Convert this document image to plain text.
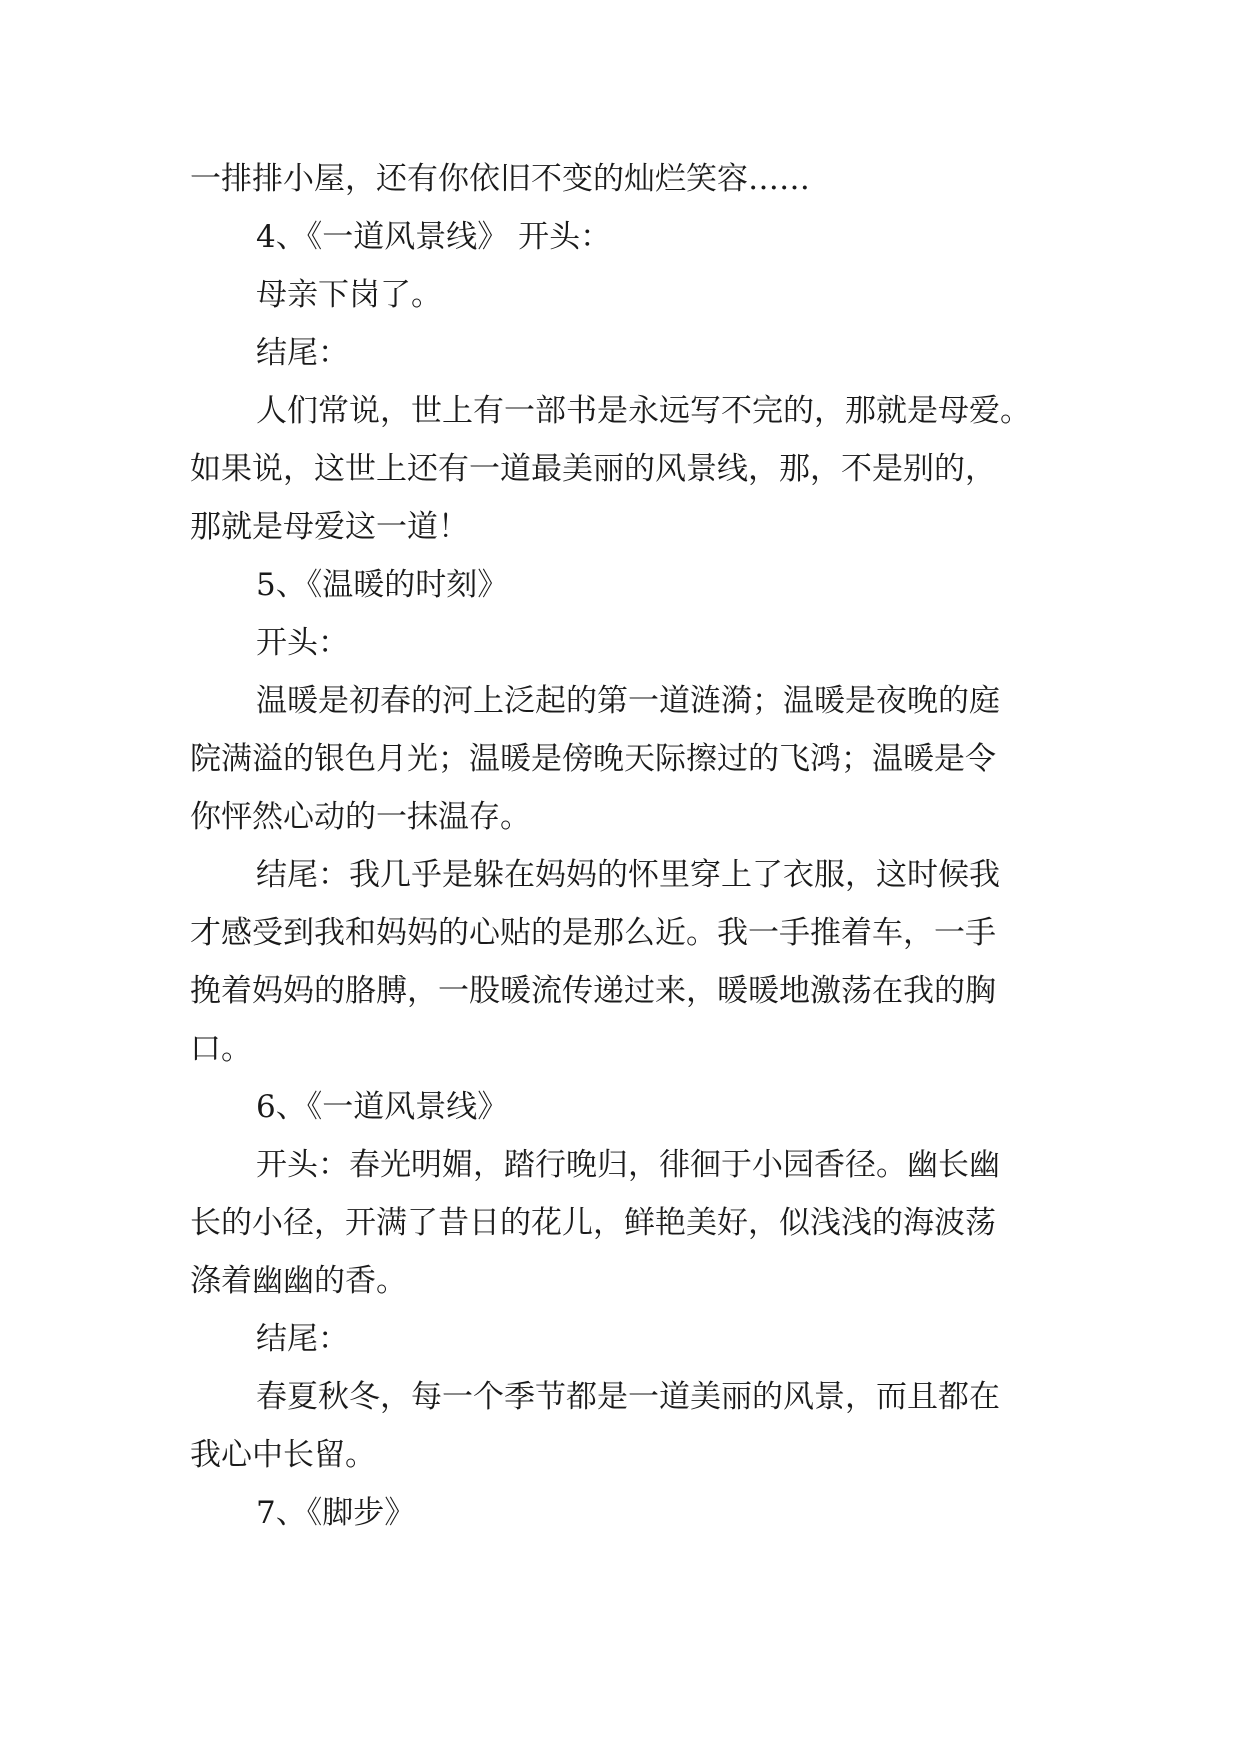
一排排小屋，还有你依旧不变的灿烂笑容……
4、《一道风景线》 开头：
母亲下岗了。
结尾：
人们常说，世上有一部书是永远写不完的，那就是母爱。
如果说，这世上还有一道最美丽的风景线，那，不是别的，
那就是母爱这一道！
5、《温暖的时刻》
开头：
温暖是初春的河上泛起的第一道涟漪；温暖是夜晚的庭
院满溢的银色月光；温暖是傍晚天际擦过的飞鸿；温暖是令
你怦然心动的一抹温存。
结尾：我几乎是躲在妈妈的怀里穿上了衣服，这时候我
才感受到我和妈妈的心贴的是那么近。我一手推着车，一手
挽着妈妈的胳膊，一股暖流传递过来，暖暖地激荡在我的胸
口。
6、《一道风景线》
开头：春光明媚，踏行晚归，徘徊于小园香径。幽长幽
长的小径，开满了昔日的花儿，鲜艳美好，似浅浅的海波荡
涤着幽幽的香。
结尾：
春夏秋冬，每一个季节都是一道美丽的风景，而且都在
我心中长留。
7、《脚步》
